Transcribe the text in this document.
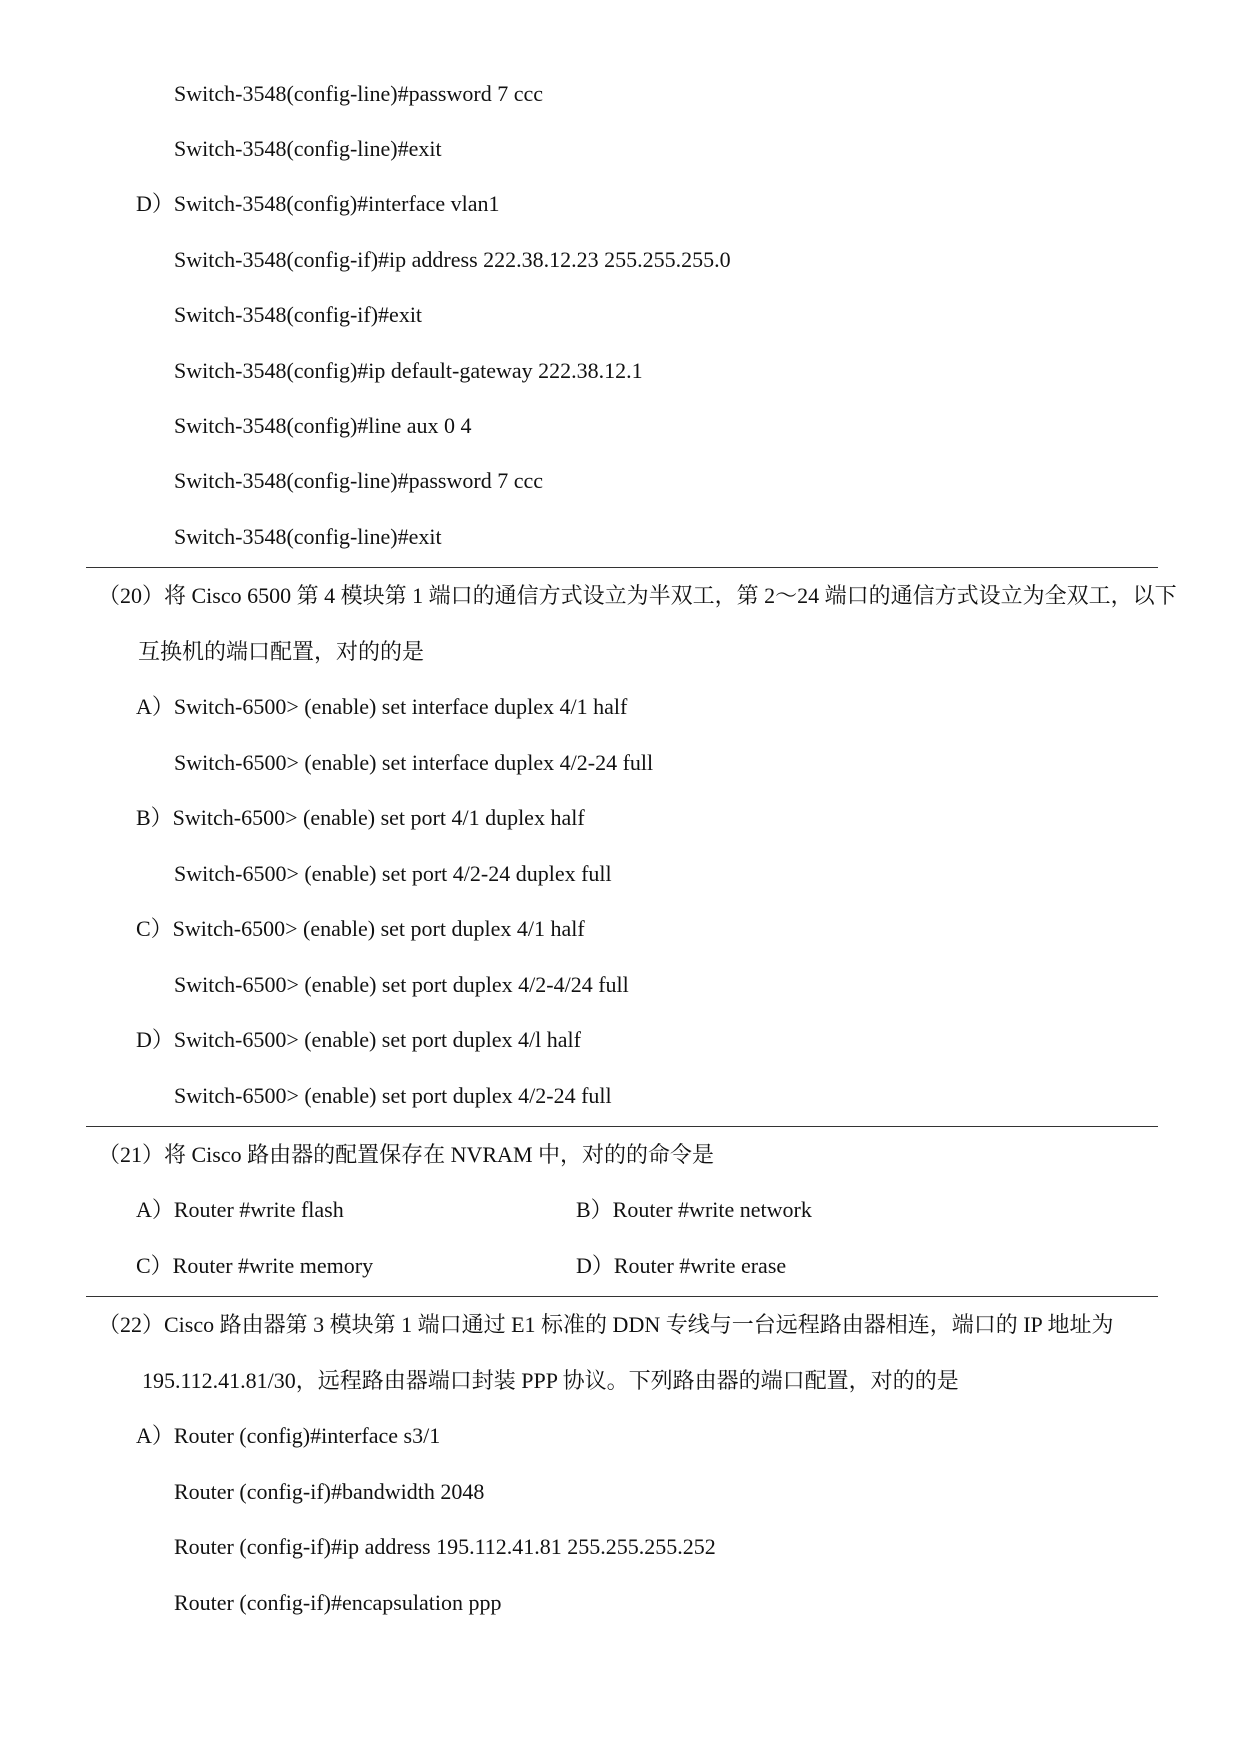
Switch-3548(config-line)#password 7 ccc
Switch-3548(config-line)#exit
D）Switch-3548(config)#interface vlan1
Switch-3548(config-if)#ip address 222.38.12.23 255.255.255.0
Switch-3548(config-if)#exit
Switch-3548(config)#ip default-gateway 222.38.12.1
Switch-3548(config)#line aux 0 4
Switch-3548(config-line)#password 7 ccc
Switch-3548(config-line)#exit
（20）将 Cisco 6500 第 4 模块第 1 端口的通信方式设立为半双工，第 2～24 端口的通信方式设立为全双工，以下
互换机的端口配置，对的的是
A）Switch-6500> (enable) set interface duplex 4/1 half
Switch-6500> (enable) set interface duplex 4/2-24 full
B）Switch-6500> (enable) set port 4/1 duplex half
Switch-6500> (enable) set port 4/2-24 duplex full
C）Switch-6500> (enable) set port duplex 4/1 half
Switch-6500> (enable) set port duplex 4/2-4/24 full
D）Switch-6500> (enable) set port duplex 4/l half
Switch-6500> (enable) set port duplex 4/2-24 full
（21）将 Cisco 路由器的配置保存在 NVRAM 中，对的的命令是
A）Router #write flash	B）Router #write network
C）Router #write memory	D）Router #write erase
（22）Cisco 路由器第 3 模块第 1 端口通过 E1 标准的 DDN 专线与一台远程路由器相连，端口的 IP 地址为
195.112.41.81/30，远程路由器端口封装 PPP 协议。下列路由器的端口配置，对的的是
A）Router (config)#interface s3/1
Router (config-if)#bandwidth 2048
Router (config-if)#ip address 195.112.41.81 255.255.255.252
Router (config-if)#encapsulation ppp
